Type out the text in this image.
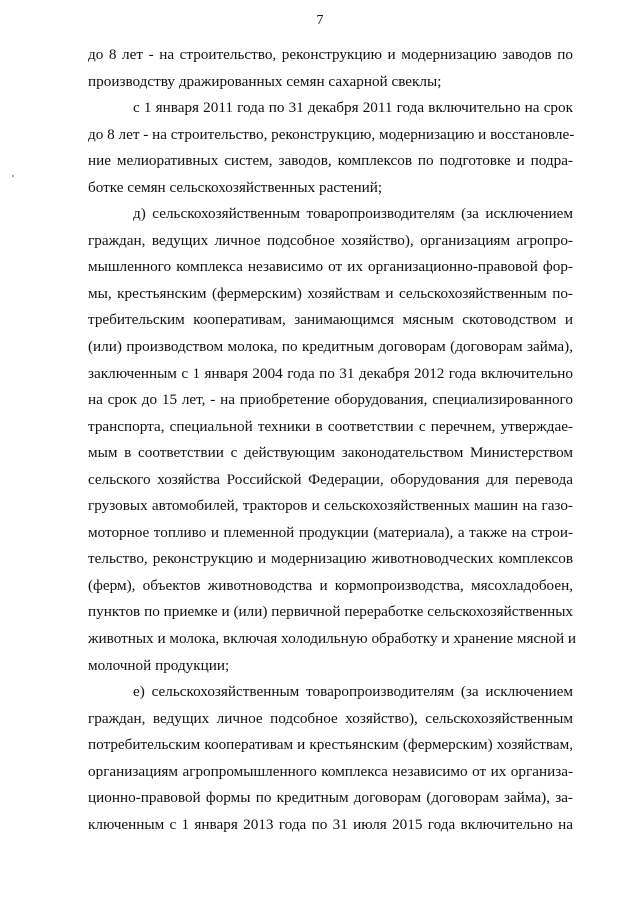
7
до 8 лет - на строительство, реконструкцию и модернизацию заводов по
производству дражированных семян сахарной свеклы;
с 1 января 2011 года по 31 декабря 2011 года включительно на срок
до 8 лет - на строительство, реконструкцию, модернизацию и восстановле-
ние мелиоративных систем, заводов, комплексов по подготовке и подра-
ботке семян сельскохозяйственных растений;
д) сельскохозяйственным товаропроизводителям (за исключением
граждан, ведущих личное подсобное хозяйство), организациям агропро-
мышленного комплекса независимо от их организационно-правовой фор-
мы, крестьянским (фермерским) хозяйствам и сельскохозяйственным по-
требительским кооперативам, занимающимся мясным скотоводством и
(или) производством молока, по кредитным договорам (договорам займа),
заключенным с 1 января 2004 года по 31 декабря 2012 года включительно
на срок до 15 лет, - на приобретение оборудования, специализированного
транспорта, специальной техники в соответствии с перечнем, утверждае-
мым в соответствии с действующим законодательством Министерством
сельского хозяйства Российской Федерации, оборудования для перевода
грузовых автомобилей, тракторов и сельскохозяйственных машин на газо-
моторное топливо и племенной продукции (материала), а также на строи-
тельство, реконструкцию и модернизацию животноводческих комплексов
(ферм), объектов животноводства и кормопроизводства, мясохладобоен,
пунктов по приемке и (или) первичной переработке сельскохозяйственных
животных и молока, включая холодильную обработку и хранение мясной и
молочной продукции;
е) сельскохозяйственным товаропроизводителям (за исключением
граждан, ведущих личное подсобное хозяйство), сельскохозяйственным
потребительским кооперативам и крестьянским (фермерским) хозяйствам,
организациям агропромышленного комплекса независимо от их организа-
ционно-правовой формы по кредитным договорам (договорам займа), за-
ключенным с 1 января 2013 года по 31 июля 2015 года включительно на
